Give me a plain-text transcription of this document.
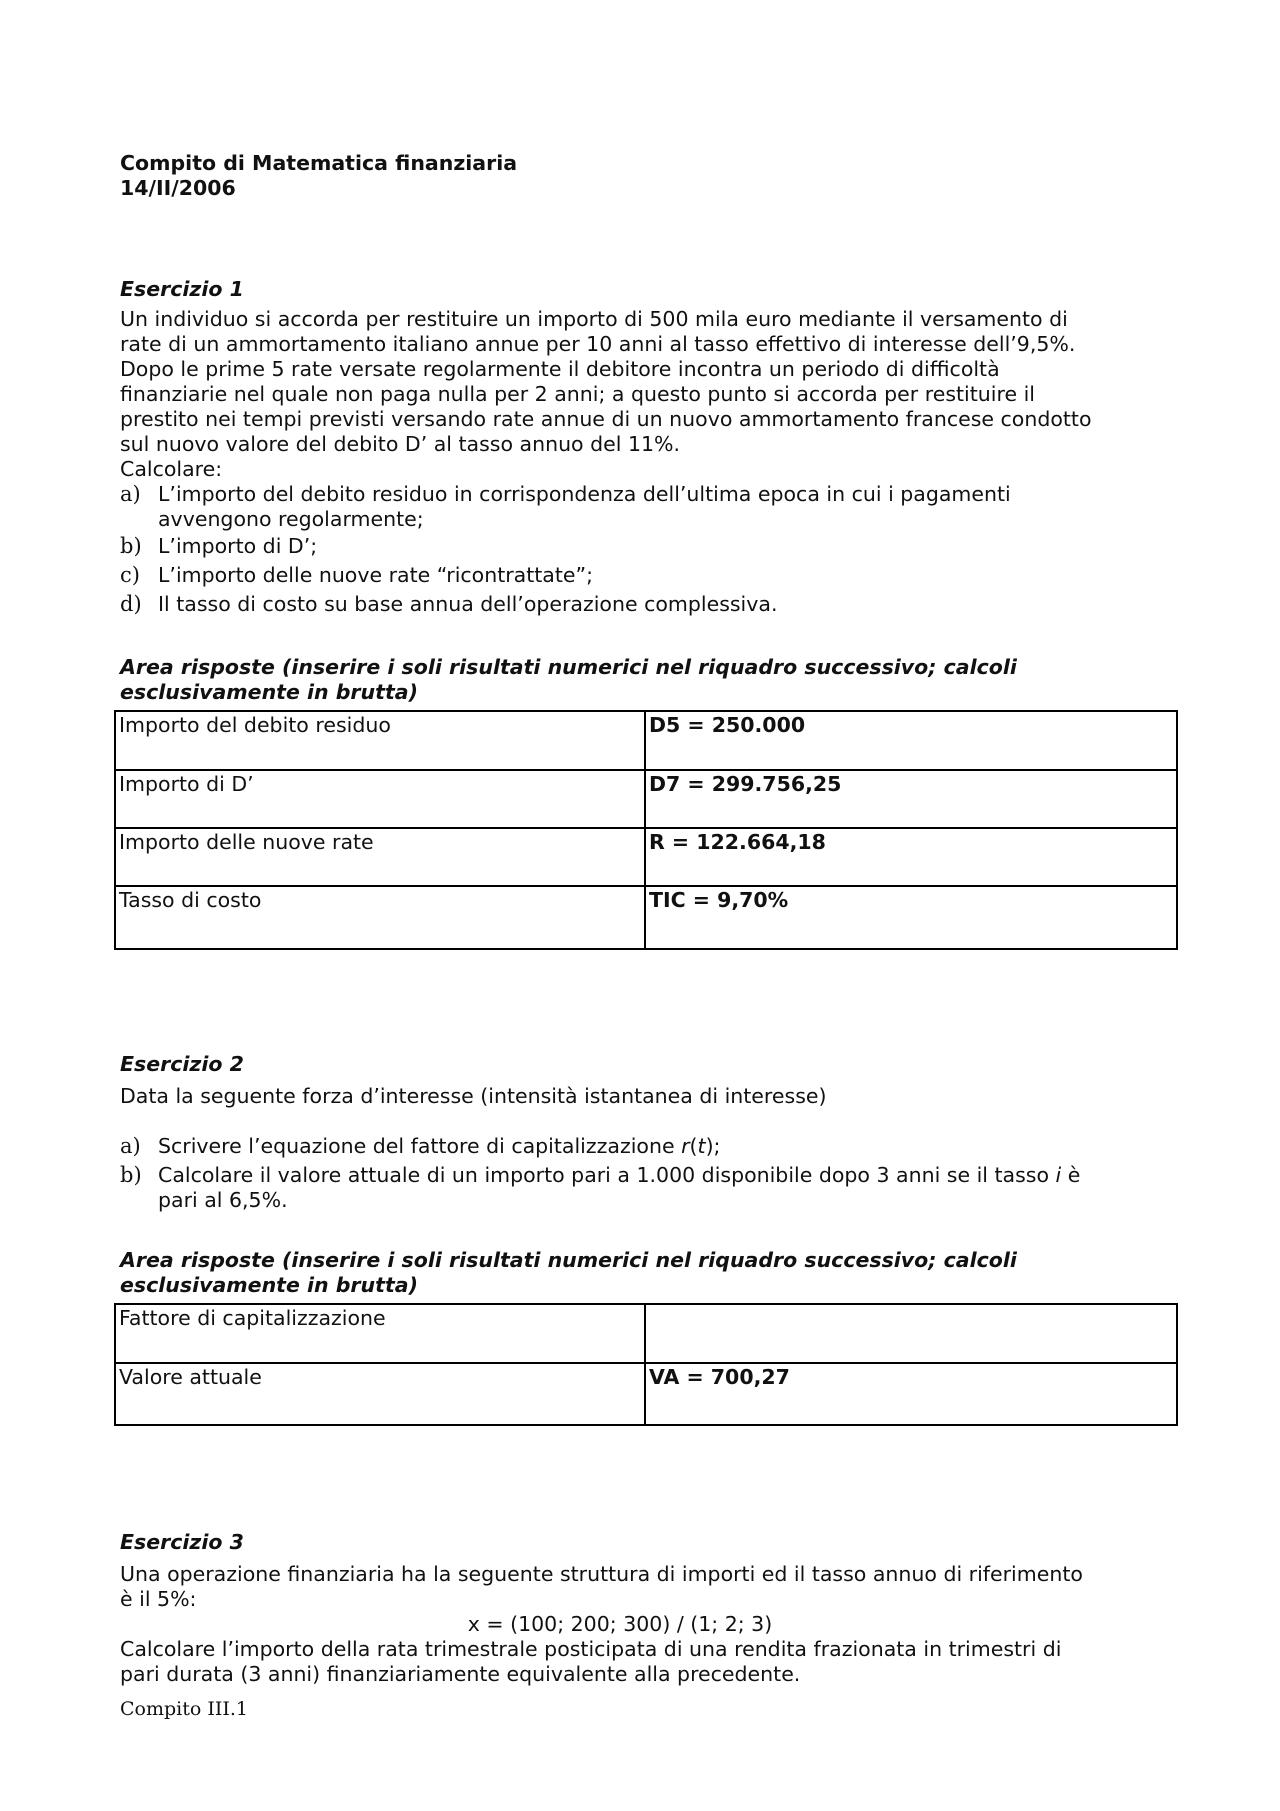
Compito di Matematica finanziaria

14/II/2006

Esercizio 1

Un individuo si accorda per restituire un importo di 500 mila euro mediante il versamento di

rate di un ammortamento italiano annue per 10 anni al tasso effettivo di interesse dell’9,5%.

Dopo le prime 5 rate versate regolarmente il debitore incontra un periodo di difficoltà

finanziarie nel quale non paga nulla per 2 anni; a questo punto si accorda per restituire il

prestito nei tempi previsti versando rate annue di un nuovo ammortamento francese condotto

sul nuovo valore del debito D’ al tasso annuo del 11%.

Calcolare:

a) L’importo del debito residuo in corrispondenza dell’ultima epoca in cui i pagamenti

avvengono regolarmente;

b) L’importo di D’;

c) L’importo delle nuove rate “ricontrattate”;

d) Il tasso di costo su base annua dell’operazione complessiva.

Area risposte (inserire i soli risultati numerici nel riquadro successivo; calcoli

esclusivamente in brutta)

Importo del debito residuo	D5 = 250.000
Importo di D’	D7 = 299.756,25
Importo delle nuove rate	R = 122.664,18
Tasso di costo	TIC = 9,70%

Esercizio 2

Data la seguente forza d’interesse (intensità istantanea di interesse)

a) Scrivere l’equazione del fattore di capitalizzazione r(t);

b) Calcolare il valore attuale di un importo pari a 1.000 disponibile dopo 3 anni se il tasso i è

pari al 6,5%.

Area risposte (inserire i soli risultati numerici nel riquadro successivo; calcoli

esclusivamente in brutta)

Fattore di capitalizzazione	
Valore attuale	VA = 700,27

Esercizio 3

Una operazione finanziaria ha la seguente struttura di importi ed il tasso annuo di riferimento

è il 5%:

x = (100; 200; 300) / (1; 2; 3)

Calcolare l’importo della rata trimestrale posticipata di una rendita frazionata in trimestri di

pari durata (3 anni) finanziariamente equivalente alla precedente.

Compito III.1
